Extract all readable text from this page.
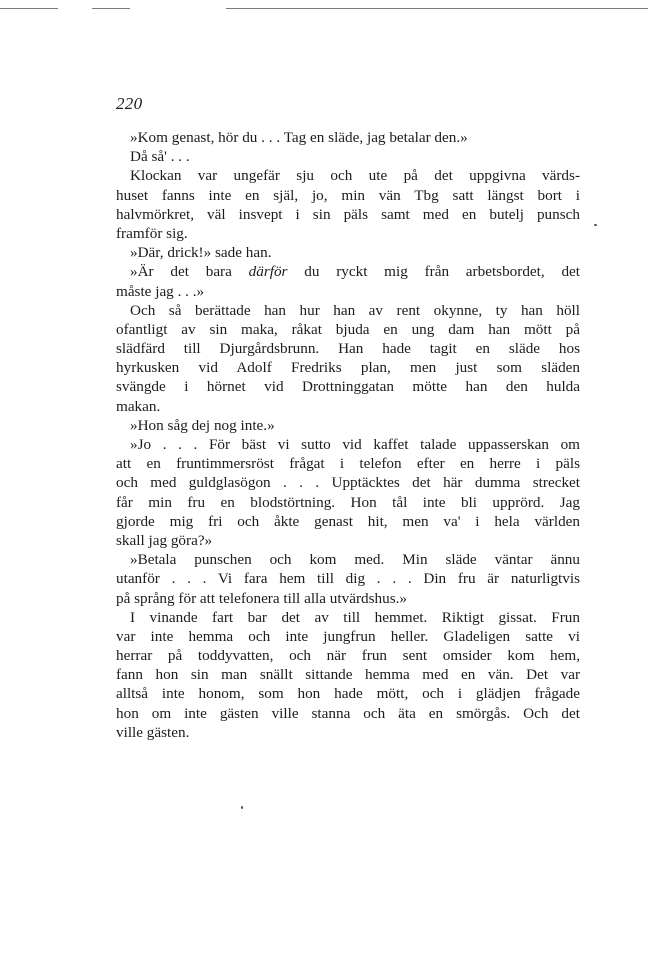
220
»Kom genast, hör du . . . Tag en släde, jag betalar den.»
Då så' . . .
Klockan var ungefär sju och ute på det uppgivna värds-
huset fanns inte en själ, jo, min vän Tbg satt längst bort i
halvmörkret, väl insvept i sin päls samt med en butelj punsch
framför sig.
»Där, drick!» sade han.
»Är det bara därför du ryckt mig från arbetsbordet, det
måste jag . . .»
Och så berättade han hur han av rent okynne, ty han höll
ofantligt av sin maka, råkat bjuda en ung dam han mött på
slädfärd till Djurgårdsbrunn. Han hade tagit en släde hos
hyrkusken vid Adolf Fredriks plan, men just som släden
svängde i hörnet vid Drottninggatan mötte han den hulda
makan.
»Hon såg dej nog inte.»
»Jo . . . För bäst vi sutto vid kaffet talade uppasserskan om
att en fruntimmersröst frågat i telefon efter en herre i päls
och med guldglasögon . . . Upptäcktes det här dumma strecket
får min fru en blodstörtning. Hon tål inte bli upprörd. Jag
gjorde mig fri och åkte genast hit, men va' i hela världen
skall jag göra?»
»Betala punschen och kom med. Min släde väntar ännu
utanför . . . Vi fara hem till dig . . . Din fru är naturligtvis
på språng för att telefonera till alla utvärdshus.»
I vinande fart bar det av till hemmet. Riktigt gissat. Frun
var inte hemma och inte jungfrun heller. Gladeligen satte vi
herrar på toddyvatten, och när frun sent omsider kom hem,
fann hon sin man snällt sittande hemma med en vän. Det var
alltså inte honom, som hon hade mött, och i glädjen frågade
hon om inte gästen ville stanna och äta en smörgås. Och det
ville gästen.
